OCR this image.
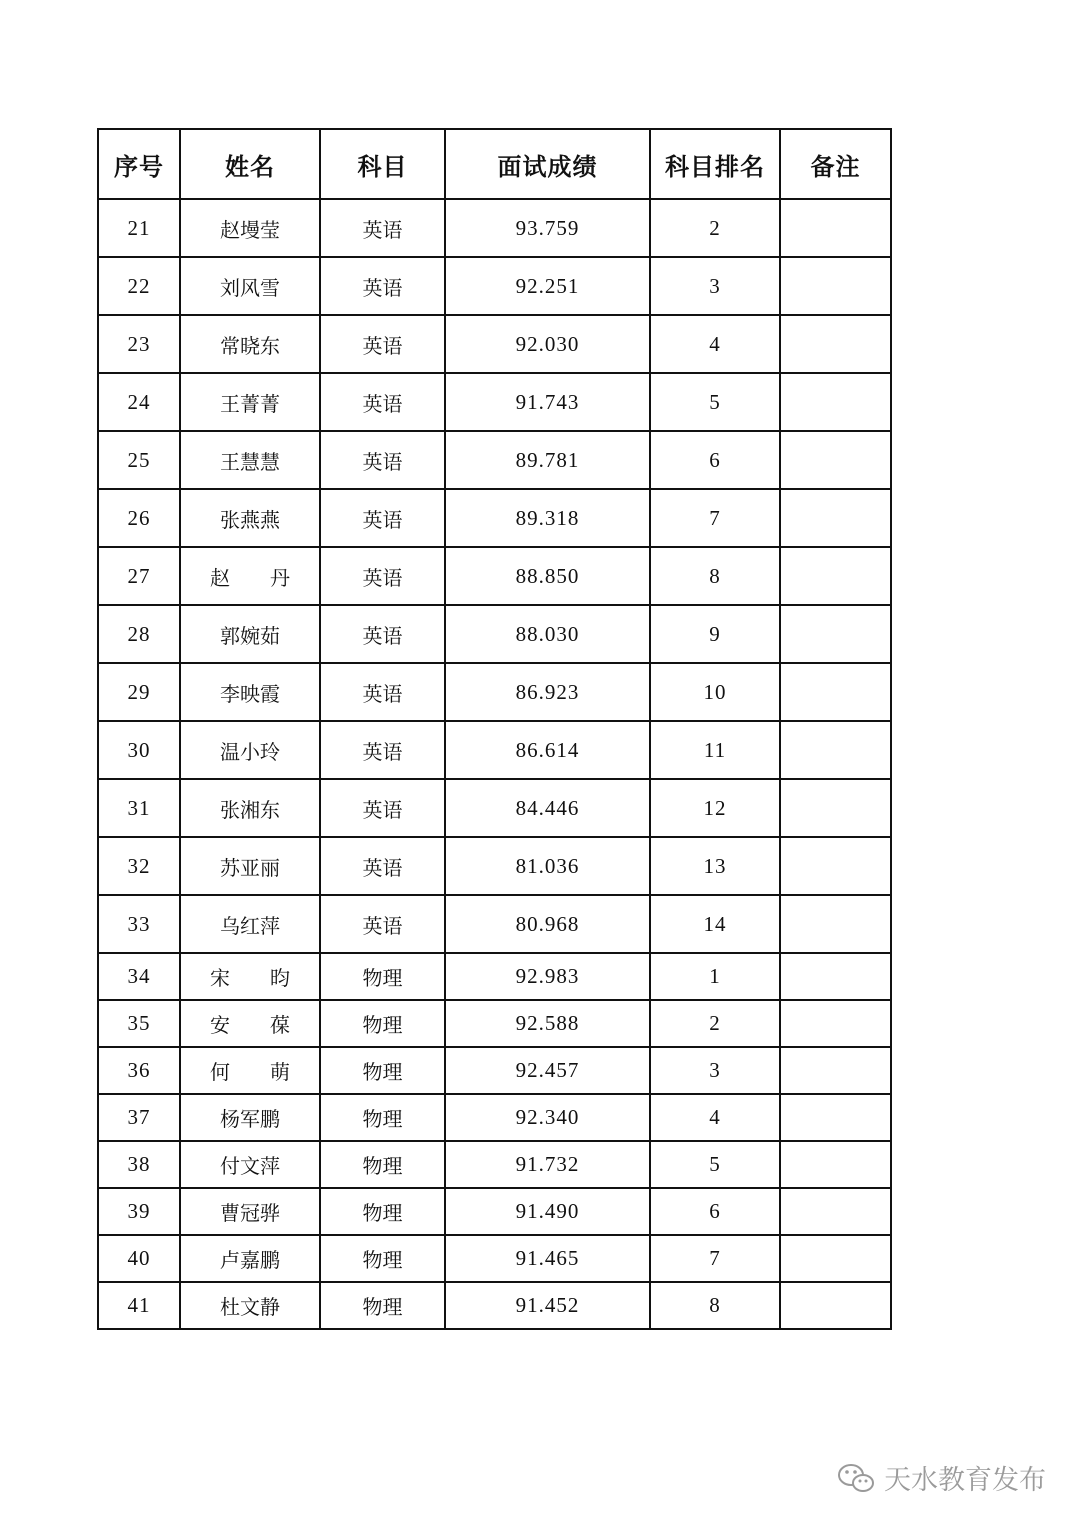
序号	姓名	科目	面试成绩	科目排名	备注
21	赵墁莹	英语	93.759	2	
22	刘风雪	英语	92.251	3	
23	常晓东	英语	92.030	4	
24	王菁菁	英语	91.743	5	
25	王慧慧	英语	89.781	6	
26	张燕燕	英语	89.318	7	
27	赵　　丹	英语	88.850	8	
28	郭婉茹	英语	88.030	9	
29	李映霞	英语	86.923	10	
30	温小玲	英语	86.614	11	
31	张湘东	英语	84.446	12	
32	苏亚丽	英语	81.036	13	
33	乌红萍	英语	80.968	14	
34	宋　　昀	物理	92.983	1	
35	安　　葆	物理	92.588	2	
36	何　　萌	物理	92.457	3	
37	杨军鹏	物理	92.340	4	
38	付文萍	物理	91.732	5	
39	曹冠骅	物理	91.490	6	
40	卢嘉鹏	物理	91.465	7	
41	杜文静	物理	91.452	8	
天水教育发布
